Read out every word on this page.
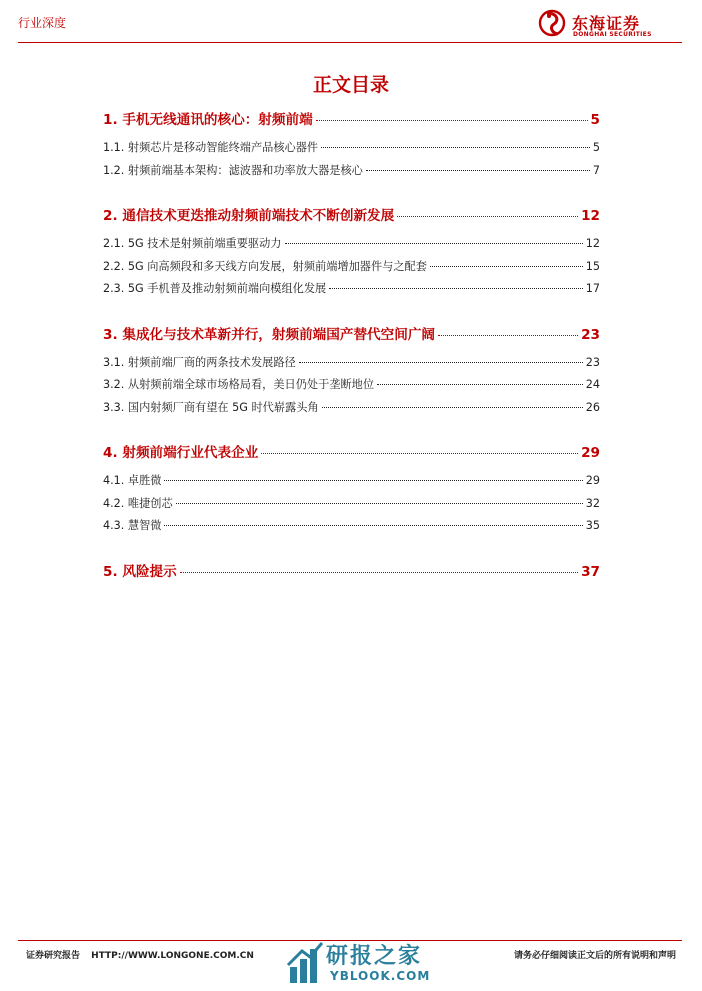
行业深度	东海证券
DONGHAI SECURITIES
正文目录
1. 手机无线通讯的核心：射频前端	5
1.1. 射频芯片是移动智能终端产品核心器件	5
1.2. 射频前端基本架构：滤波器和功率放大器是核心	7
2. 通信技术更迭推动射频前端技术不断创新发展	12
2.1. 5G 技术是射频前端重要驱动力	12
2.2. 5G 向高频段和多天线方向发展，射频前端增加器件与之配套	15
2.3. 5G 手机普及推动射频前端向模组化发展	17
3. 集成化与技术革新并行，射频前端国产替代空间广阔	23
3.1. 射频前端厂商的两条技术发展路径	23
3.2. 从射频前端全球市场格局看，美日仍处于垄断地位	24
3.3. 国内射频厂商有望在 5G 时代崭露头角	26
4. 射频前端行业代表企业	29
4.1. 卓胜微	29
4.2. 唯捷创芯	32
4.3. 慧智微	35
5. 风险提示	37
证券研究报告 HTTP://WWW.LONGONE.COM.CN	请务必仔细阅读正文后的所有说明和声明
研报之家
YBLOOK.COM
